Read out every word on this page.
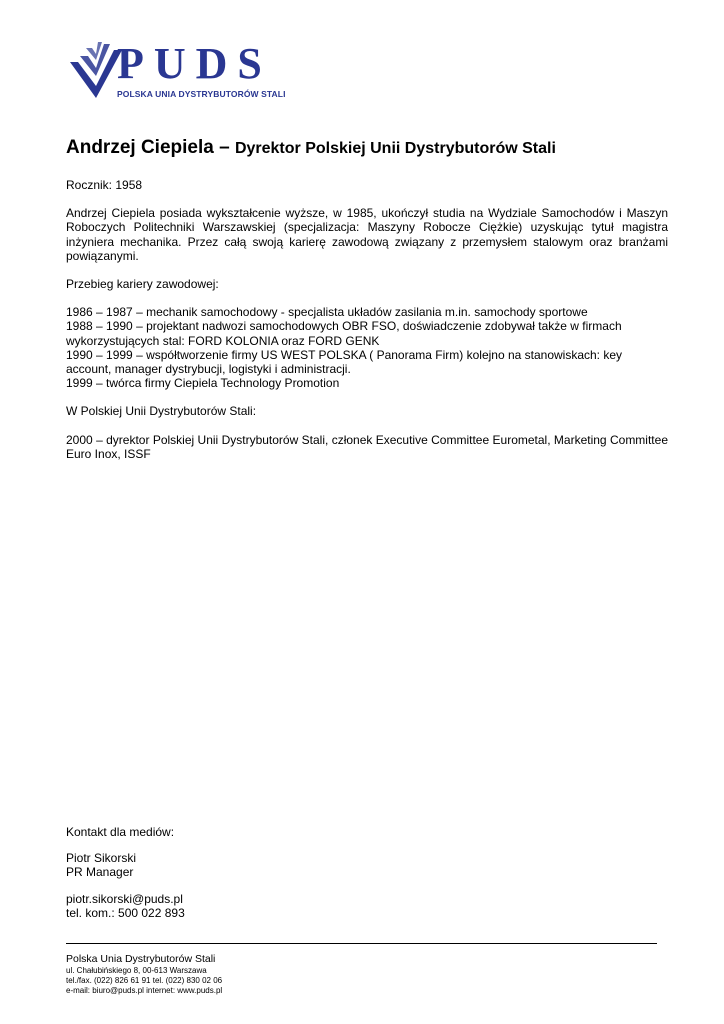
PUDS
POLSKA UNIA DYSTRYBUTORÓW STALI
Andrzej Ciepiela – Dyrektor Polskiej Unii Dystrybutorów Stali

Rocznik: 1958

Andrzej Ciepiela posiada wykształcenie wyższe, w 1985, ukończył studia na Wydziale Samochodów i Maszyn Roboczych Politechniki Warszawskiej (specjalizacja: Maszyny Robocze Ciężkie) uzyskując tytuł magistra inżyniera mechanika. Przez całą swoją karierę zawodową związany z przemysłem stalowym oraz branżami powiązanymi.

Przebieg kariery zawodowej:

1986 – 1987 – mechanik samochodowy - specjalista układów zasilania m.in. samochody sportowe

1988 – 1990 – projektant nadwozi samochodowych OBR FSO, doświadczenie zdobywał także w firmach wykorzystujących stal: FORD KOLONIA oraz FORD GENK

1990 – 1999 – współtworzenie firmy US WEST POLSKA ( Panorama Firm) kolejno na stanowiskach: key account, manager dystrybucji, logistyki i administracji.

1999 – twórca firmy Ciepiela Technology Promotion

W Polskiej Unii Dystrybutorów Stali:

2000 – dyrektor Polskiej Unii Dystrybutorów Stali, członek Executive Committee Eurometal, Marketing Committee Euro Inox, ISSF

Kontakt dla mediów:

Piotr Sikorski

PR Manager

piotr.sikorski@puds.pl

tel. kom.: 500 022 893

Polska Unia Dystrybutorów Stali
ul. Chałubińskiego 8, 00-613 Warszawa
tel./fax. (022) 826 61 91 tel. (022) 830 02 06
e-mail: biuro@puds.pl internet: www.puds.pl
